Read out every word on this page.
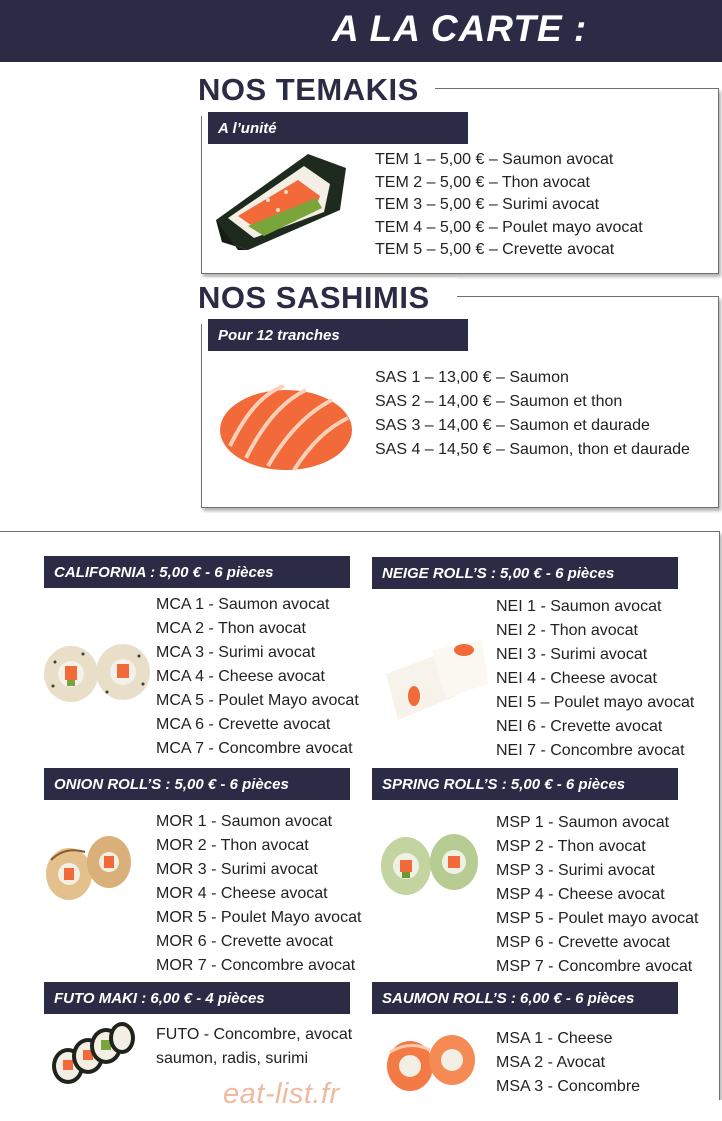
A LA CARTE :
NOS TEMAKIS
A l’unité
TEM 1 – 5,00 € – Saumon avocat
TEM 2 – 5,00 € – Thon avocat
TEM 3 – 5,00 € – Surimi avocat
TEM 4 – 5,00 € – Poulet mayo avocat
TEM 5 – 5,00 € – Crevette avocat
NOS SASHIMIS
Pour 12 tranches
SAS 1 – 13,00 € – Saumon
SAS 2 – 14,00 € – Saumon et thon
SAS 3 – 14,00 € – Saumon et daurade
SAS 4 – 14,50 € – Saumon, thon et daurade
CALIFORNIA : 5,00 € - 6 pièces
MCA 1 - Saumon avocat
MCA 2 - Thon avocat
MCA 3 - Surimi avocat
MCA 4 - Cheese avocat
MCA 5 - Poulet Mayo avocat
MCA 6 - Crevette avocat
MCA 7 - Concombre avocat
NEIGE ROLL’S : 5,00 € - 6 pièces
NEI 1 - Saumon avocat
NEI 2 - Thon avocat
NEI 3 - Surimi avocat
NEI 4 - Cheese avocat
NEI 5 – Poulet mayo avocat
NEI 6 - Crevette avocat
NEI 7 - Concombre avocat
ONION ROLL’S : 5,00 € - 6 pièces
MOR 1 - Saumon avocat
MOR 2 - Thon avocat
MOR 3 - Surimi avocat
MOR 4 - Cheese avocat
MOR 5 - Poulet Mayo avocat
MOR 6 - Crevette avocat
MOR 7 - Concombre avocat
SPRING ROLL’S : 5,00 € - 6 pièces
MSP 1 - Saumon avocat
MSP 2 - Thon avocat
MSP 3 - Surimi avocat
MSP 4 - Cheese avocat
MSP 5 - Poulet mayo avocat
MSP 6 - Crevette avocat
MSP 7 - Concombre avocat
FUTO MAKI : 6,00 € - 4 pièces
FUTO - Concombre, avocat
saumon, radis, surimi
SAUMON ROLL’S : 6,00 € - 6 pièces
MSA 1 - Cheese
MSA 2 - Avocat
MSA 3 - Concombre
eat-list.fr
